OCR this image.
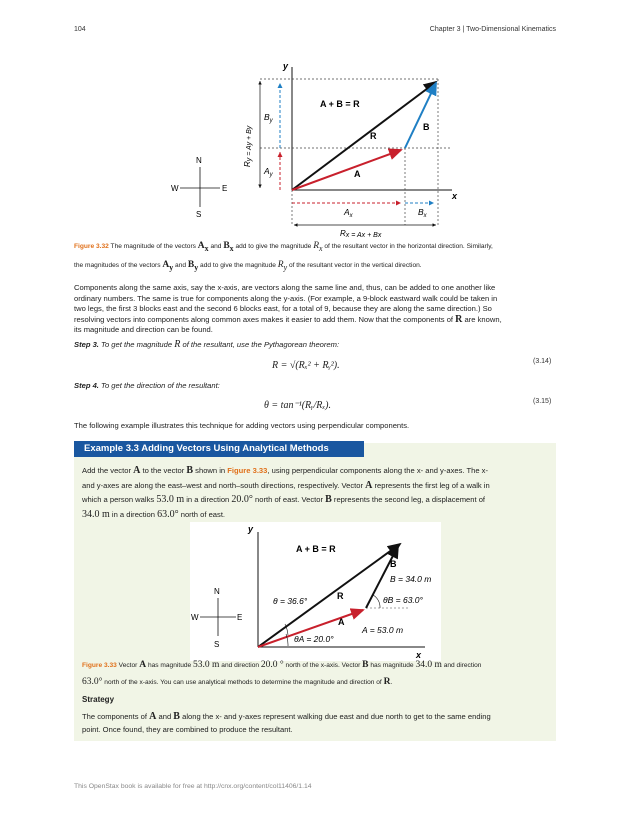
104	Chapter 3 | Two-Dimensional Kinematics
y
x
A + B = R
R
A
B
$B_y$
$A_y$
$A_x$	$B_x$
Rx = Ax + Bx
Ry = Ay + By
N
S
W	E
Figure 3.32 The magnitude of the vectors $A_x$ and $B_x$ add to give the magnitude $R_x$ of the resultant vector in the horizontal direction. Similarly,
the magnitudes of the vectors $A_y$ and $B_y$ add to give the magnitude $R_y$ of the resultant vector in the vertical direction.
Components along the same axis, say the x-axis, are vectors along the same line and, thus, can be added to one another like
ordinary numbers. The same is true for components along the y-axis. (For example, a 9-block eastward walk could be taken in
two legs, the first 3 blocks east and the second 6 blocks east, for a total of 9, because they are along the same direction.) So
resolving vectors into components along common axes makes it easier to add them. Now that the components of R are known,
its magnitude and direction can be found.
Step 3. To get the magnitude R of the resultant, use the Pythagorean theorem:
R = √(Rₓ² + Rᵧ²).	(3.14)
Step 4. To get the direction of the resultant:
θ = tan⁻¹(Rᵧ/Rₓ).	(3.15)
The following example illustrates this technique for adding vectors using perpendicular components.
Example 3.3 Adding Vectors Using Analytical Methods
Add the vector A to the vector B shown in Figure 3.33, using perpendicular components along the x- and y-axes. The x-
and y-axes are along the east–west and north–south directions, respectively. Vector A represents the first leg of a walk in
which a person walks 53.0 m in a direction 20.0° north of east. Vector B represents the second leg, a displacement of
34.0 m in a direction 63.0° north of east.
y
x
A + B = R
B
B = 34.0 m
θ = 36.6°	R	θB = 63.0°
A
A = 53.0 m
θA = 20.0°
N
S
W	E
Figure 3.33 Vector A has magnitude 53.0 m and direction 20.0 ° north of the x-axis. Vector B has magnitude 34.0 m and direction
63.0° north of the x-axis. You can use analytical methods to determine the magnitude and direction of R.
Strategy
The components of A and B along the x- and y-axes represent walking due east and due north to get to the same ending
point. Once found, they are combined to produce the resultant.
This OpenStax book is available for free at http://cnx.org/content/col11406/1.14
